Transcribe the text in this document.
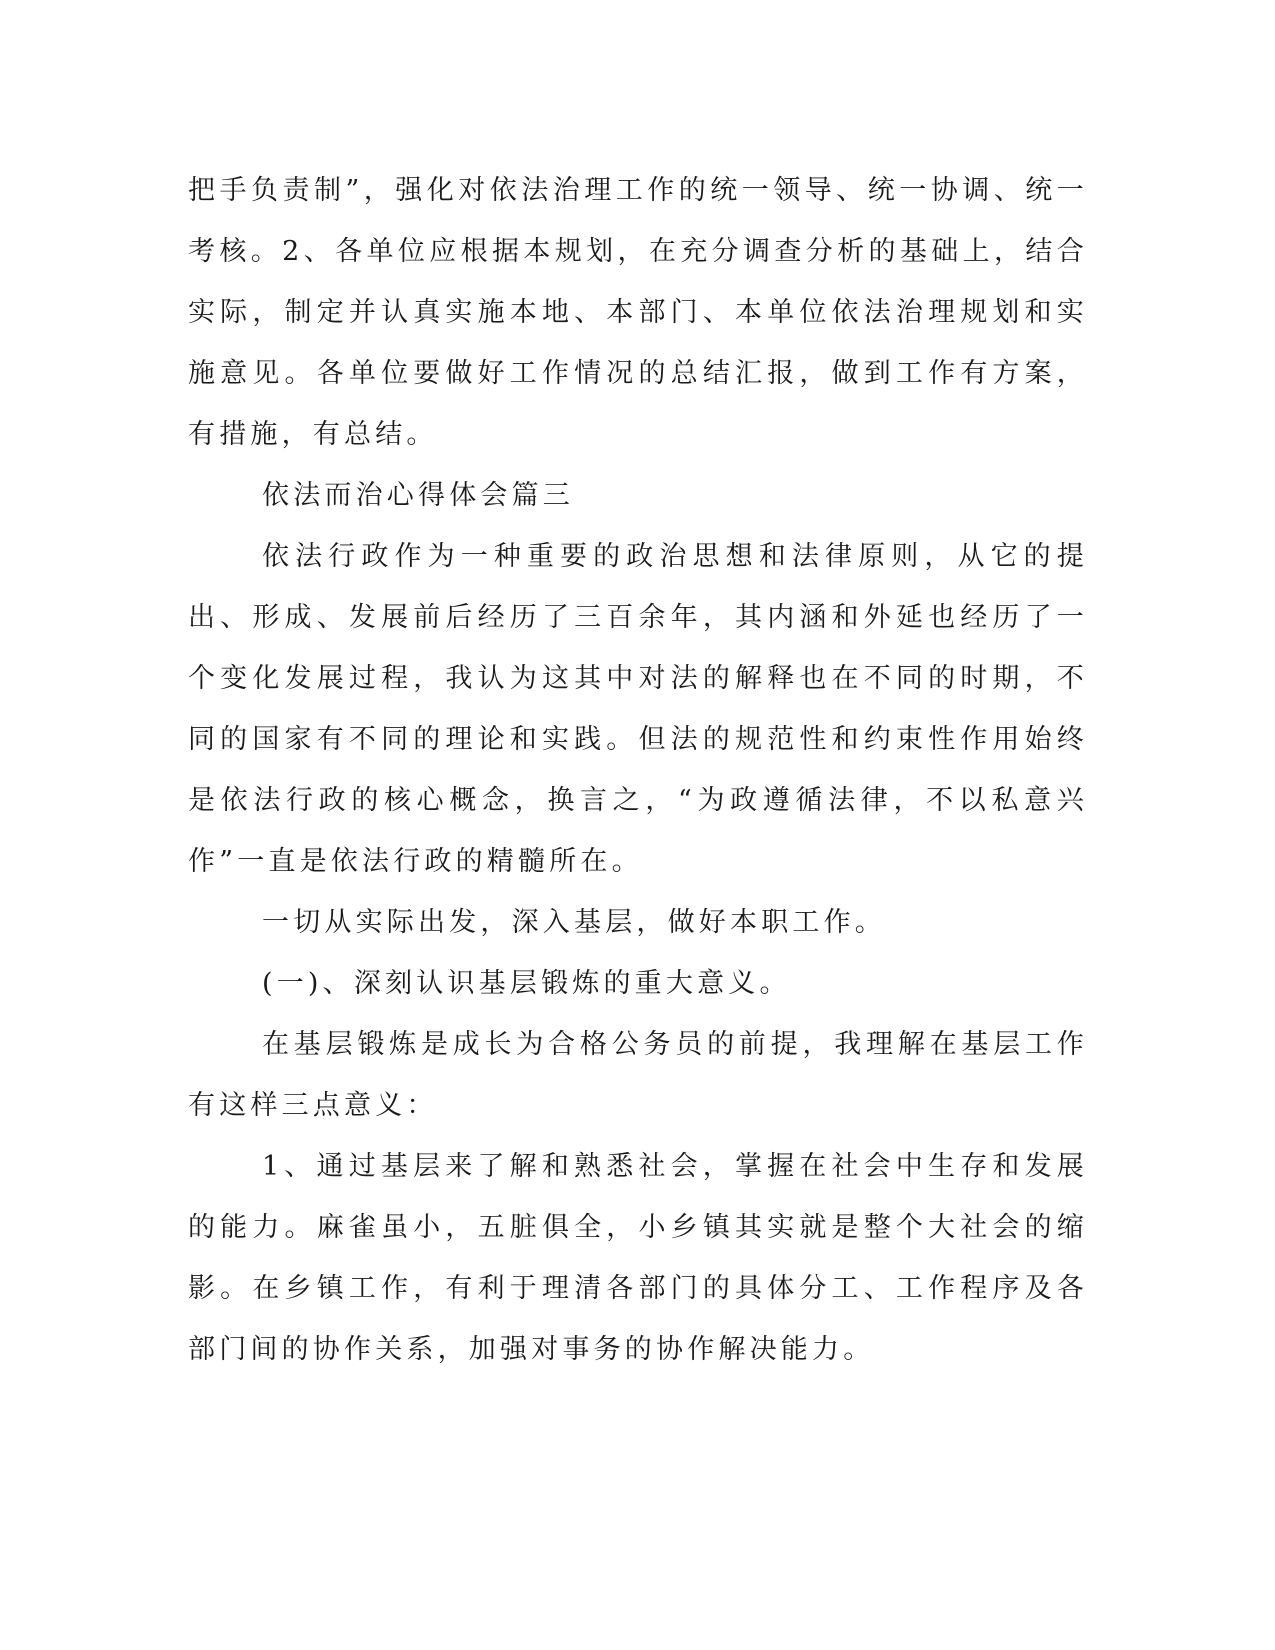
把手负责制”，强化对依法治理工作的统一领导、统一协调、统一考核。2、各单位应根据本规划，在充分调查分析的基础上，结合实际，制定并认真实施本地、本部门、本单位依法治理规划和实施意见。各单位要做好工作情况的总结汇报，做到工作有方案，有措施，有总结。

依法而治心得体会篇三

依法行政作为一种重要的政治思想和法律原则，从它的提出、形成、发展前后经历了三百余年，其内涵和外延也经历了一个变化发展过程，我认为这其中对法的解释也在不同的时期，不同的国家有不同的理论和实践。但法的规范性和约束性作用始终是依法行政的核心概念，换言之，“为政遵循法律，不以私意兴作”一直是依法行政的精髓所在。

一切从实际出发，深入基层，做好本职工作。

(一)、深刻认识基层锻炼的重大意义。

在基层锻炼是成长为合格公务员的前提，我理解在基层工作有这样三点意义：

1、通过基层来了解和熟悉社会，掌握在社会中生存和发展的能力。麻雀虽小，五脏俱全，小乡镇其实就是整个大社会的缩影。在乡镇工作，有利于理清各部门的具体分工、工作程序及各部门间的协作关系，加强对事务的协作解决能力。
